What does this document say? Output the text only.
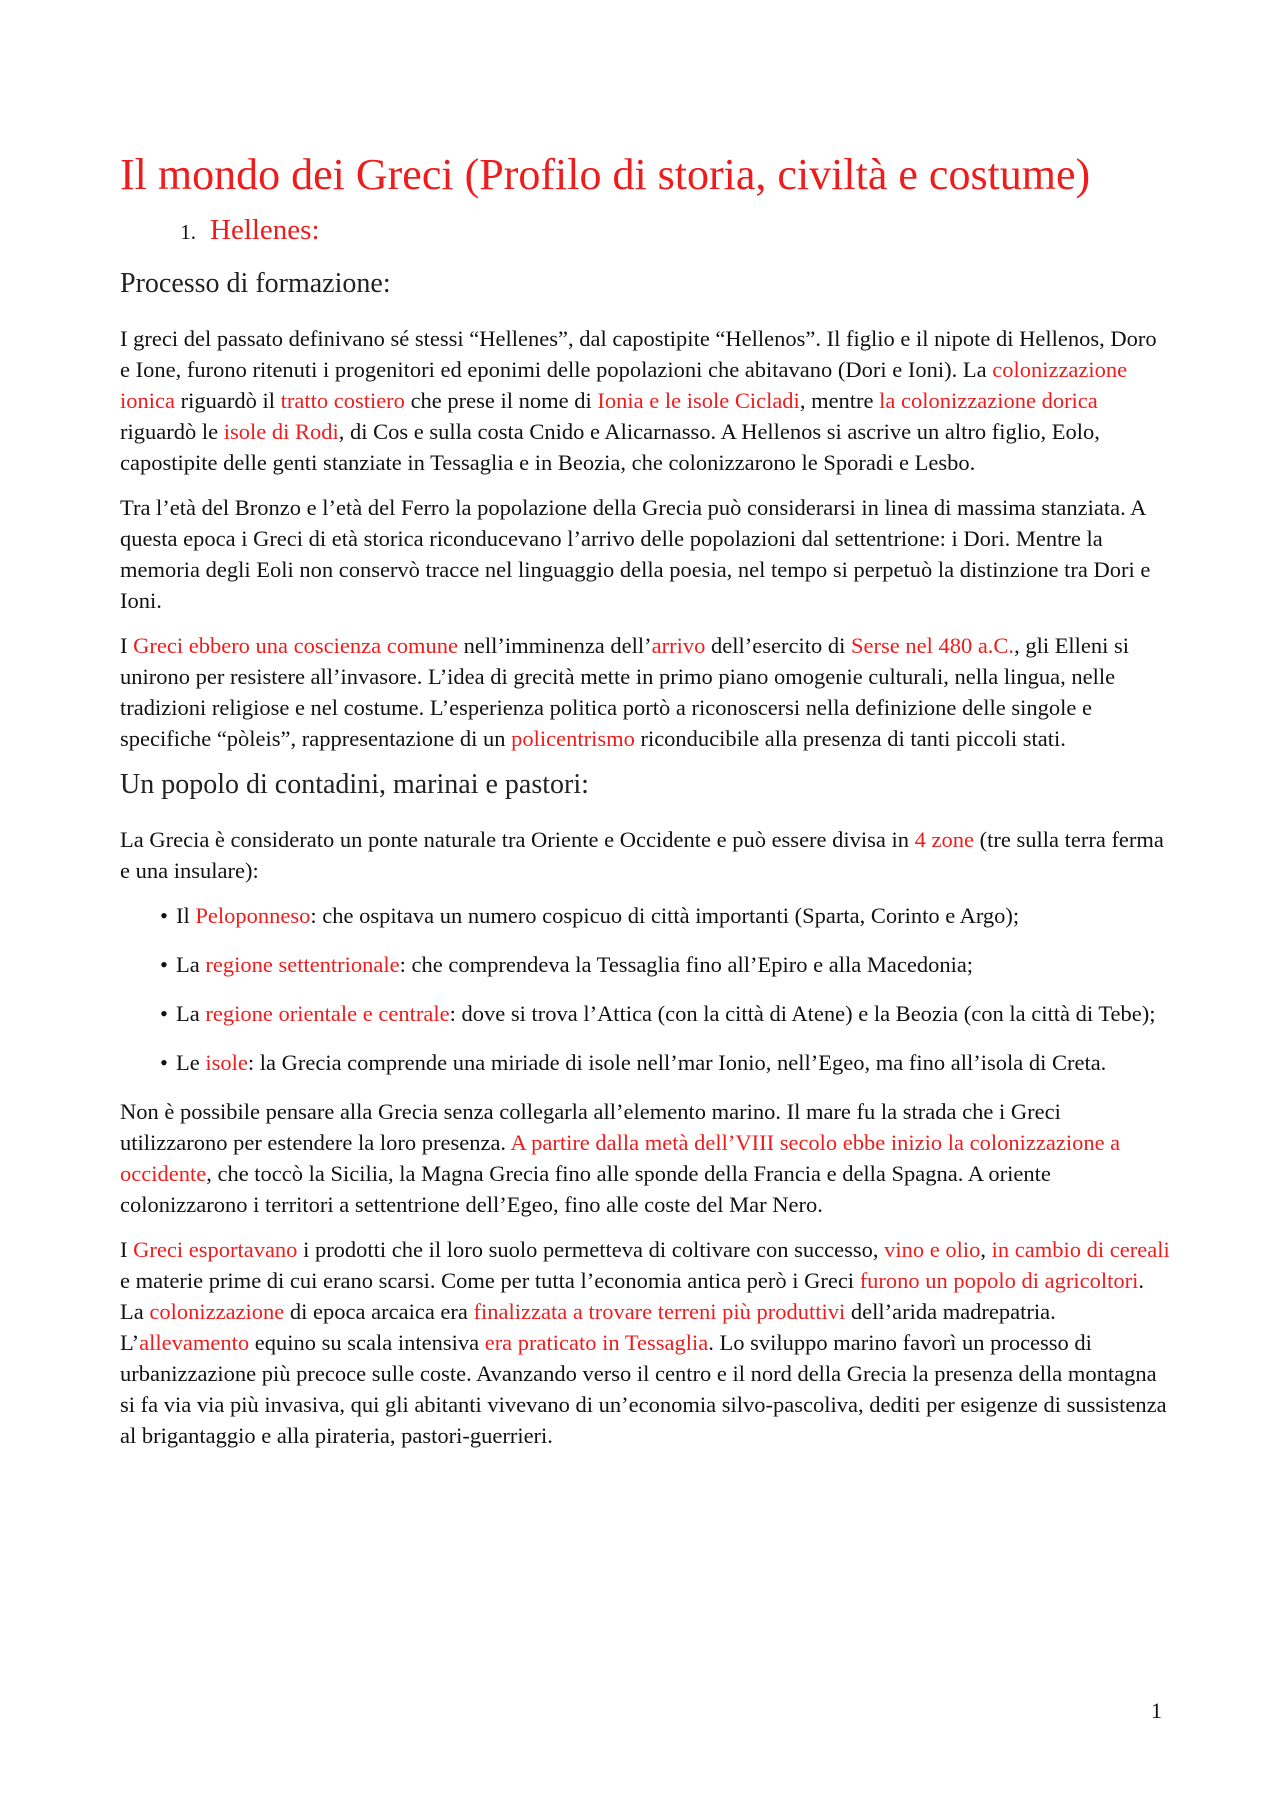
Il mondo dei Greci (Profilo di storia, civiltà e costume)
1. Hellenes:
Processo di formazione:

I greci del passato definivano sé stessi “Hellenes”, dal capostipite “Hellenos”. Il figlio e il nipote di Hellenos, Doro e Ione, furono ritenuti i progenitori ed eponimi delle popolazioni che abitavano (Dori e Ioni). La colonizzazione ionica riguardò il tratto costiero che prese il nome di Ionia e le isole Cicladi, mentre la colonizzazione dorica riguardò le isole di Rodi, di Cos e sulla costa Cnido e Alicarnasso. A Hellenos si ascrive un altro figlio, Eolo, capostipite delle genti stanziate in Tessaglia e in Beozia, che colonizzarono le Sporadi e Lesbo.

Tra l’età del Bronzo e l’età del Ferro la popolazione della Grecia può considerarsi in linea di massima stanziata. A questa epoca i Greci di età storica riconducevano l’arrivo delle popolazioni dal settentrione: i Dori. Mentre la memoria degli Eoli non conservò tracce nel linguaggio della poesia, nel tempo si perpetuò la distinzione tra Dori e Ioni.

I Greci ebbero una coscienza comune nell’imminenza dell’arrivo dell’esercito di Serse nel 480 a.C., gli Elleni si unirono per resistere all’invasore. L’idea di grecità mette in primo piano omogenie culturali, nella lingua, nelle tradizioni religiose e nel costume. L’esperienza politica portò a riconoscersi nella definizione delle singole e specifiche “pòleis”, rappresentazione di un policentrismo riconducibile alla presenza di tanti piccoli stati.

Un popolo di contadini, marinai e pastori:

La Grecia è considerato un ponte naturale tra Oriente e Occidente e può essere divisa in 4 zone (tre sulla terra ferma e una insulare):

• Il Peloponneso: che ospitava un numero cospicuo di città importanti (Sparta, Corinto e Argo);
• La regione settentrionale: che comprendeva la Tessaglia fino all’Epiro e alla Macedonia;
• La regione orientale e centrale: dove si trova l’Attica (con la città di Atene) e la Beozia (con la città di Tebe);
• Le isole: la Grecia comprende una miriade di isole nell’mar Ionio, nell’Egeo, ma fino all’isola di Creta.

Non è possibile pensare alla Grecia senza collegarla all’elemento marino. Il mare fu la strada che i Greci utilizzarono per estendere la loro presenza. A partire dalla metà dell’VIII secolo ebbe inizio la colonizzazione a occidente, che toccò la Sicilia, la Magna Grecia fino alle sponde della Francia e della Spagna. A oriente colonizzarono i territori a settentrione dell’Egeo, fino alle coste del Mar Nero.

I Greci esportavano i prodotti che il loro suolo permetteva di coltivare con successo, vino e olio, in cambio di cereali e materie prime di cui erano scarsi. Come per tutta l’economia antica però i Greci furono un popolo di agricoltori. La colonizzazione di epoca arcaica era finalizzata a trovare terreni più produttivi dell’arida madrepatria. L’allevamento equino su scala intensiva era praticato in Tessaglia. Lo sviluppo marino favorì un processo di urbanizzazione più precoce sulle coste. Avanzando verso il centro e il nord della Grecia la presenza della montagna si fa via via più invasiva, qui gli abitanti vivevano di un’economia silvo-pascoliva, dediti per esigenze di sussistenza al brigantaggio e alla pirateria, pastori-guerrieri.

1
